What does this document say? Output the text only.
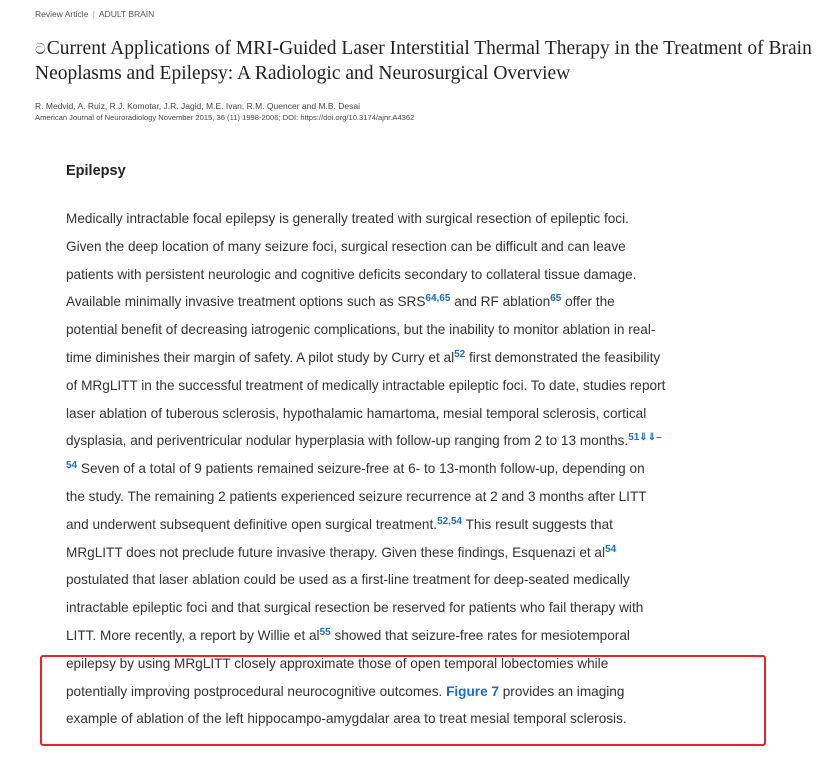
Review Article | ADULT BRAIN
ටCurrent Applications of MRI-Guided Laser Interstitial Thermal Therapy in the Treatment of Brain Neoplasms and Epilepsy: A Radiologic and Neurosurgical Overview
R. Medvid, A. Ruiz, R.J. Komotar, J.R. Jagid, M.E. Ivan, R.M. Quencer and M.B. Desai
American Journal of Neuroradiology November 2015, 36 (11) 1998-2006; DOI: https://doi.org/10.3174/ajnr.A4362
Epilepsy
Medically intractable focal epilepsy is generally treated with surgical resection of epileptic foci.
Given the deep location of many seizure foci, surgical resection can be difficult and can leave
patients with persistent neurologic and cognitive deficits secondary to collateral tissue damage.
Available minimally invasive treatment options such as SRS$^{64,65}$ and RF ablation$^{65}$ offer the
potential benefit of decreasing iatrogenic complications, but the inability to monitor ablation in real-
time diminishes their margin of safety. A pilot study by Curry et al$^{52}$ first demonstrated the feasibility
of MRgLITT in the successful treatment of medically intractable epileptic foci. To date, studies report
laser ablation of tuberous sclerosis, hypothalamic hamartoma, mesial temporal sclerosis, cortical
dysplasia, and periventricular nodular hyperplasia with follow-up ranging from 2 to 13 months.$^{51⇓⇓-}$
$^{54}$ Seven of a total of 9 patients remained seizure-free at 6- to 13-month follow-up, depending on
the study. The remaining 2 patients experienced seizure recurrence at 2 and 3 months after LITT
and underwent subsequent definitive open surgical treatment.$^{52,54}$ This result suggests that
MRgLITT does not preclude future invasive therapy. Given these findings, Esquenazi et al$^{54}$
postulated that laser ablation could be used as a first-line treatment for deep-seated medically
intractable epileptic foci and that surgical resection be reserved for patients who fail therapy with
LITT. More recently, a report by Willie et al$^{55}$ showed that seizure-free rates for mesiotemporal
epilepsy by using MRgLITT closely approximate those of open temporal lobectomies while
potentially improving postprocedural neurocognitive outcomes. Figure 7 provides an imaging
example of ablation of the left hippocampo-amygdalar area to treat mesial temporal sclerosis.
